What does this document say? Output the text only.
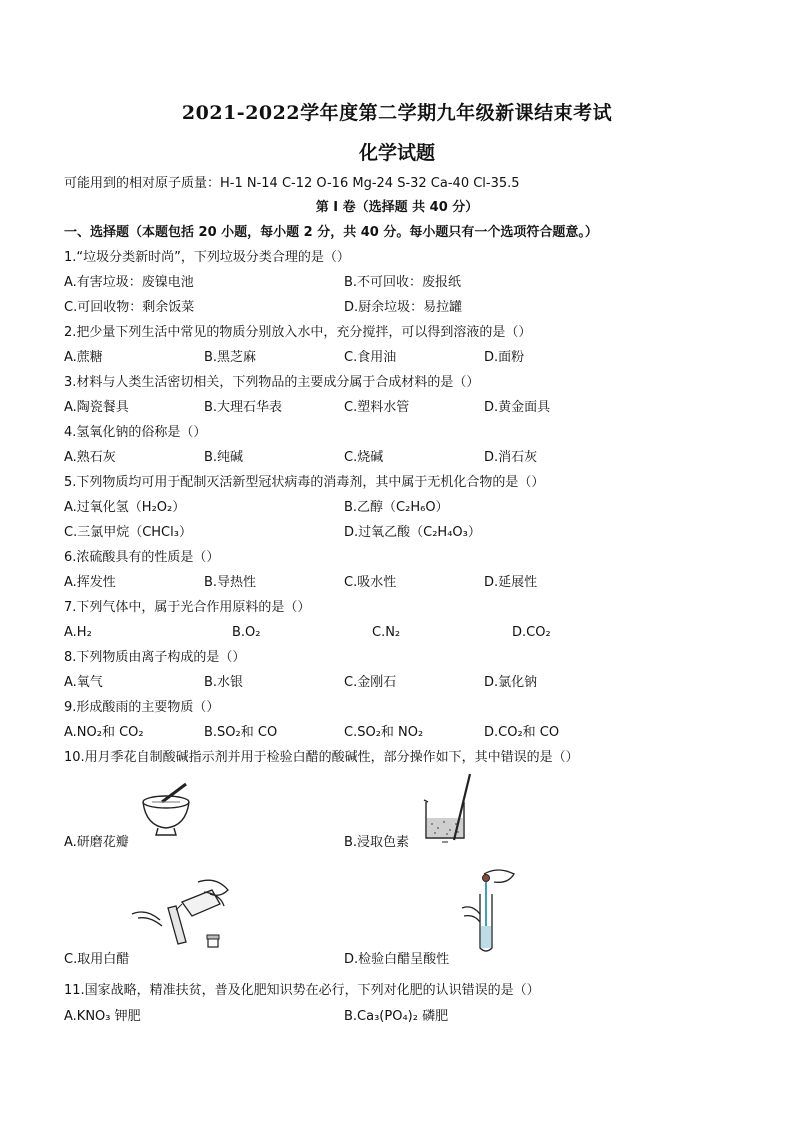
2021-2022学年度第二学期九年级新课结束考试
化学试题
可能用到的相对原子质量：H-1 N-14 C-12 O-16 Mg-24 S-32 Ca-40 Cl-35.5
第 I 卷（选择题 共 40 分）
一、选择题（本题包括 20 小题，每小题 2 分，共 40 分。每小题只有一个选项符合题意。）
1.“垃圾分类新时尚”，下列垃圾分类合理的是（）
A.有害垃圾：废镍电池	B.不可回收：废报纸
C.可回收物：剩余饭菜	D.厨余垃圾：易拉罐
2.把少量下列生活中常见的物质分别放入水中，充分搅拌，可以得到溶液的是（）
A.蔗糖	B.黑芝麻	C.食用油	D.面粉
3.材料与人类生活密切相关，下列物品的主要成分属于合成材料的是（）
A.陶瓷餐具	B.大理石华表	C.塑料水管	D.黄金面具
4.氢氧化钠的俗称是（）
A.熟石灰	B.纯碱	C.烧碱	D.消石灰
5.下列物质均可用于配制灭活新型冠状病毒的消毒剂，其中属于无机化合物的是（）
A.过氧化氢（H₂O₂）	B.乙醇（C₂H₆O）
C.三氯甲烷（CHCl₃）	D.过氧乙酸（C₂H₄O₃）
6.浓硫酸具有的性质是（）
A.挥发性	B.导热性	C.吸水性	D.延展性
7.下列气体中，属于光合作用原料的是（）
A.H₂	B.O₂	C.N₂	D.CO₂
8.下列物质由离子构成的是（）
A.氧气	B.水银	C.金刚石	D.氯化钠
9.形成酸雨的主要物质（）
A.NO₂和 CO₂	B.SO₂和 CO	C.SO₂和 NO₂	D.CO₂和 CO
10.用月季花自制酸碱指示剂并用于检验白醋的酸碱性，部分操作如下，其中错误的是（）
A.研磨花瓣	B.浸取色素
C.取用白醋	D.检验白醋呈酸性
11.国家战略，精准扶贫，普及化肥知识势在必行，下列对化肥的认识错误的是（）
A.KNO₃ 钾肥	B.Ca₃(PO₄)₂ 磷肥
